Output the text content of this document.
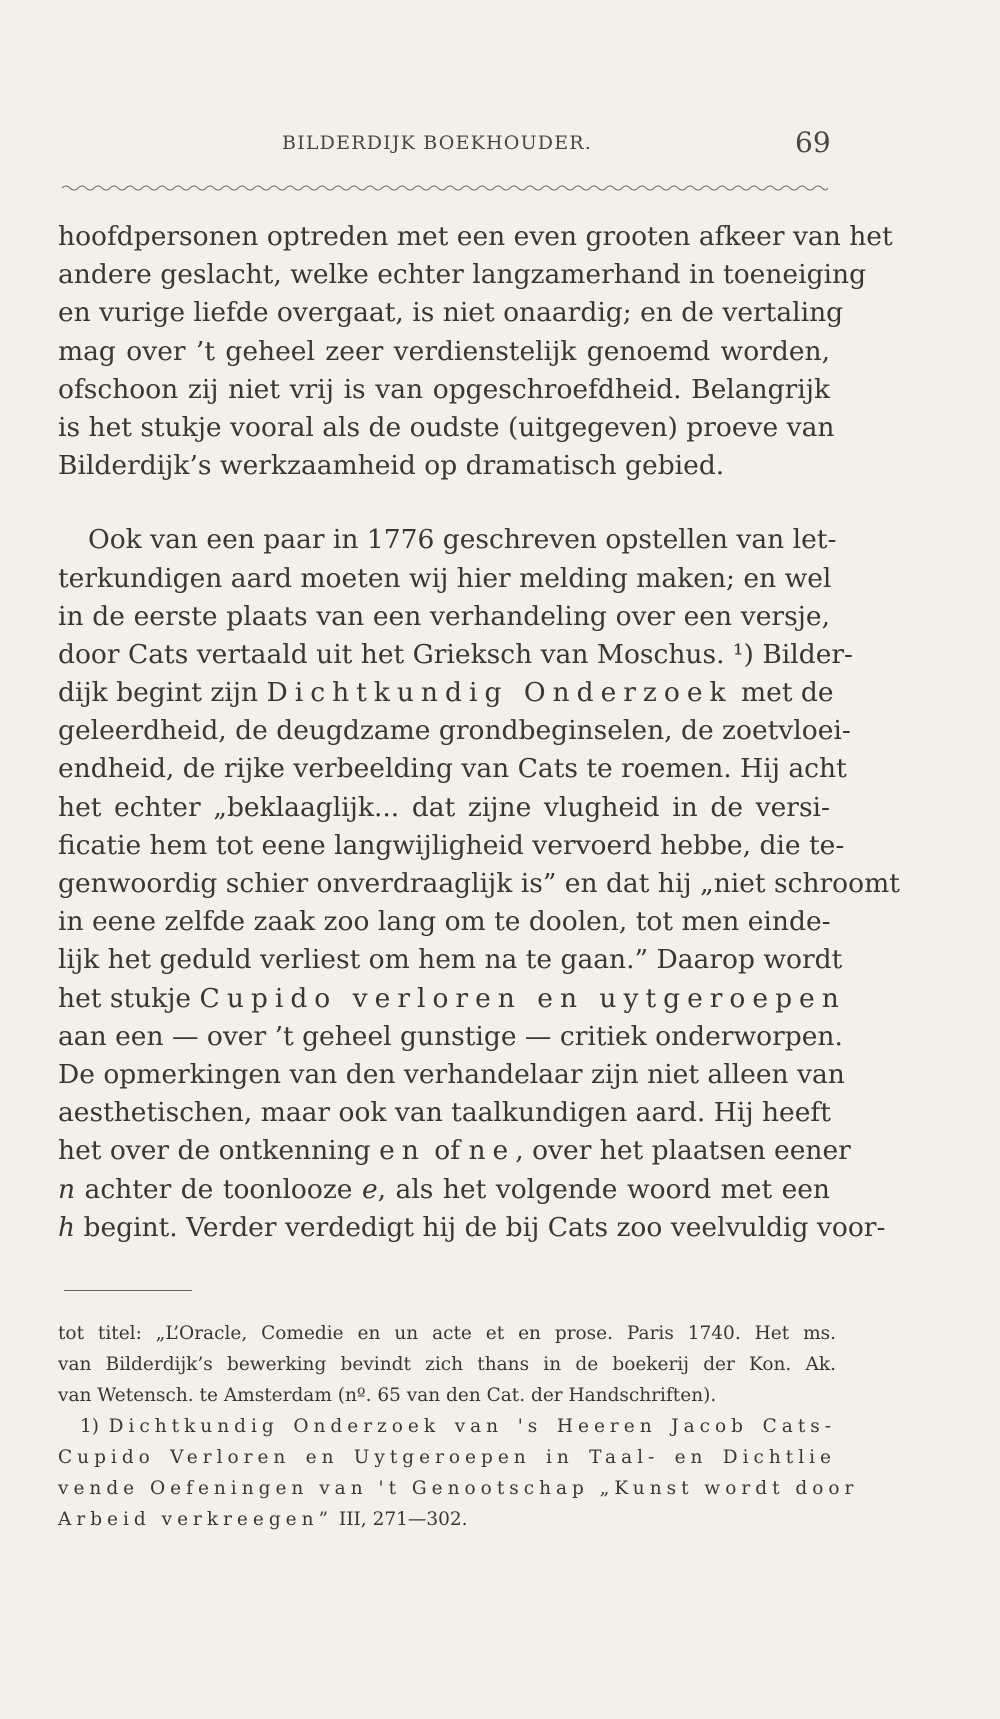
BILDERDIJK BOEKHOUDER.	69
hoofdpersonen optreden met een even grooten afkeer van het
andere geslacht, welke echter langzamerhand in toeneiging
en vurige liefde overgaat, is niet onaardig; en de vertaling
mag over ’t geheel zeer verdienstelijk genoemd worden,
ofschoon zij niet vrij is van opgeschroefdheid. Belangrijk
is het stukje vooral als de oudste (uitgegeven) proeve van
Bilderdijk’s werkzaamheid op dramatisch gebied.
Ook van een paar in 1776 geschreven opstellen van let-
terkundigen aard moeten wij hier melding maken; en wel
in de eerste plaats van een verhandeling over een versje,
door Cats vertaald uit het Grieksch van Moschus. ¹) Bilder-
dijk begint zijn Dichtkundig Onderzoek met de
geleerdheid, de deugdzame grondbeginselen, de zoetvloei-
endheid, de rijke verbeelding van Cats te roemen. Hij acht
het echter „beklaaglijk... dat zijne vlugheid in de versi-
ficatie hem tot eene langwijligheid vervoerd hebbe, die te-
genwoordig schier onverdraaglijk is” en dat hij „niet schroomt
in eene zelfde zaak zoo lang om te doolen, tot men einde-
lijk het geduld verliest om hem na te gaan.” Daarop wordt
het stukje Cupido verloren en uytgeroepen
aan een — over ’t geheel gunstige — critiek onderworpen.
De opmerkingen van den verhandelaar zijn niet alleen van
aesthetischen, maar ook van taalkundigen aard. Hij heeft
het over de ontkenning en of ne, over het plaatsen eener
n achter de toonlooze e, als het volgende woord met een
h begint. Verder verdedigt hij de bij Cats zoo veelvuldig voor-
tot titel: „L’Oracle, Comedie en un acte et en prose. Paris 1740. Het ms.
van Bilderdijk’s bewerking bevindt zich thans in de boekerij der Kon. Ak.
van Wetensch. te Amsterdam (nº. 65 van den Cat. der Handschriften).
1) Dichtkundig Onderzoek van 's Heeren Jacob Cats-
Cupido Verloren en Uytgeroepen in Taal- en Dichtlie
vende Oefeningen van 't Genootschap „Kunst wordt door
Arbeid verkreegen” III, 271—302.
